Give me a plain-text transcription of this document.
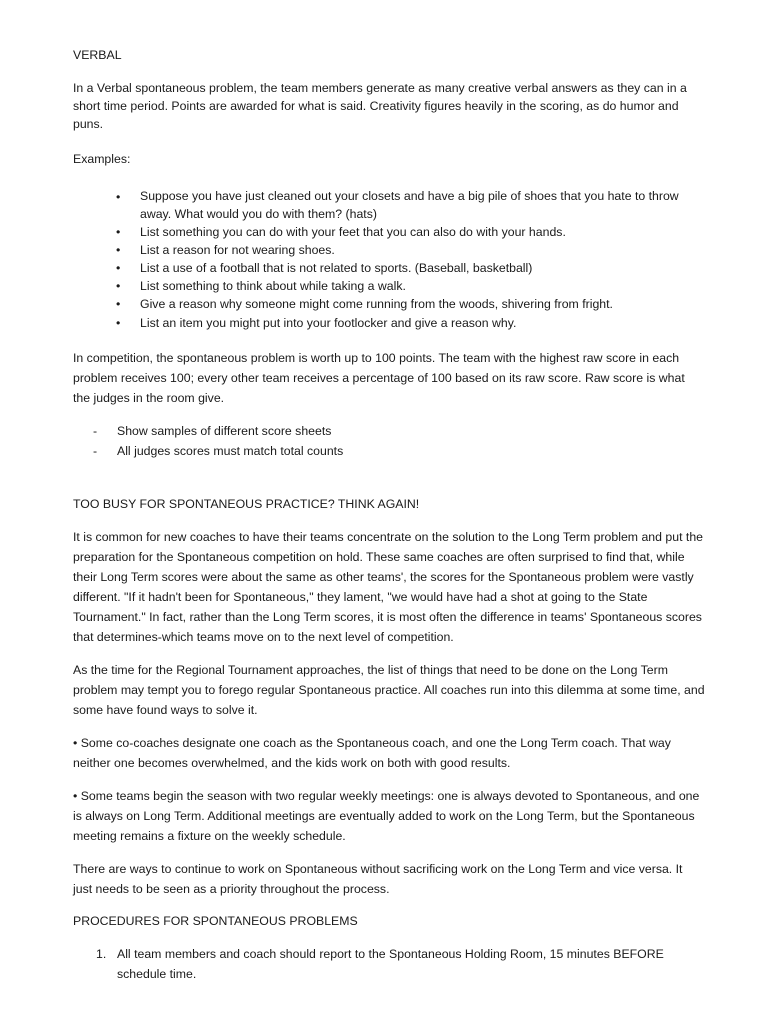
VERBAL

In a Verbal spontaneous problem, the team members generate as many creative verbal answers as they can in a short time period. Points are awarded for what is said. Creativity figures heavily in the scoring, as do humor and puns.

Examples:

•	Suppose you have just cleaned out your closets and have a big pile of shoes that you hate to throw away. What would you do with them? (hats)

•	List something you can do with your feet that you can also do with your hands.

•	List a reason for not wearing shoes.

•	List a use of a football that is not related to sports. (Baseball, basketball)

•	List something to think about while taking a walk.

•	Give a reason why someone might come running from the woods, shivering from fright.

•	List an item you might put into your footlocker and give a reason why.

In competition, the spontaneous problem is worth up to 100 points. The team with the highest raw score in each problem receives 100; every other team receives a percentage of 100 based on its raw score. Raw score is what the judges in the room give.

- Show samples of different score sheets

- All judges scores must match total counts

TOO BUSY FOR SPONTANEOUS PRACTICE? THINK AGAIN!

It is common for new coaches to have their teams concentrate on the solution to the Long Term problem and put the preparation for the Spontaneous competition on hold. These same coaches are often surprised to find that, while their Long Term scores were about the same as other teams', the scores for the Spontaneous problem were vastly different. "If it hadn't been for Spontaneous," they lament, "we would have had a shot at going to the State Tournament." In fact, rather than the Long Term scores, it is most often the difference in teams' Spontaneous scores that determines-which teams move on to the next level of competition.

As the time for the Regional Tournament approaches, the list of things that need to be done on the Long Term problem may tempt you to forego regular Spontaneous practice. All coaches run into this dilemma at some time, and some have found ways to solve it.

• Some co-coaches designate one coach as the Spontaneous coach, and one the Long Term coach. That way neither one becomes overwhelmed, and the kids work on both with good results.

• Some teams begin the season with two regular weekly meetings: one is always devoted to Spontaneous, and one is always on Long Term. Additional meetings are eventually added to work on the Long Term, but the Spontaneous meeting remains a fixture on the weekly schedule.

There are ways to continue to work on Spontaneous without sacrificing work on the Long Term and vice versa. It just needs to be seen as a priority throughout the process.

PROCEDURES FOR SPONTANEOUS PROBLEMS

1. All team members and coach should report to the Spontaneous Holding Room, 15 minutes BEFORE schedule time.
